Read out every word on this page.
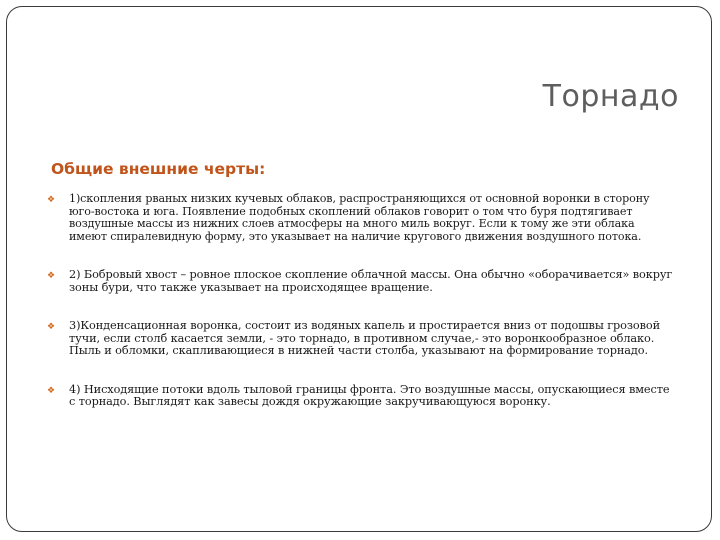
Торнадо
Общие внешние черты:
❖ 1)скопления рваных низких кучевых облаков, распространяющихся от основной воронки в сторону юго-востока и юга. Появление подобных скоплений облаков говорит о том что буря подтягивает воздушные массы из нижних слоев атмосферы на много миль вокруг. Если к тому же эти облака имеют спиралевидную форму, это указывает на наличие кругового движения воздушного потока.
❖ 2) Бобровый хвост – ровное плоское скопление облачной массы. Она обычно «оборачивается» вокруг зоны бури, что также указывает на происходящее вращение.
❖ 3)Конденсационная воронка, состоит из водяных капель и простирается вниз от подошвы грозовой тучи, если столб касается земли, - это торнадо, в противном случае,- это воронкообразное облако. Пыль и обломки, скапливающиеся в нижней части столба, указывают на формирование торнадо.
❖ 4) Нисходящие потоки вдоль тыловой границы фронта. Это воздушные массы, опускающиеся вместе с торнадо. Выглядят как завесы дождя окружающие закручивающуюся воронку.
